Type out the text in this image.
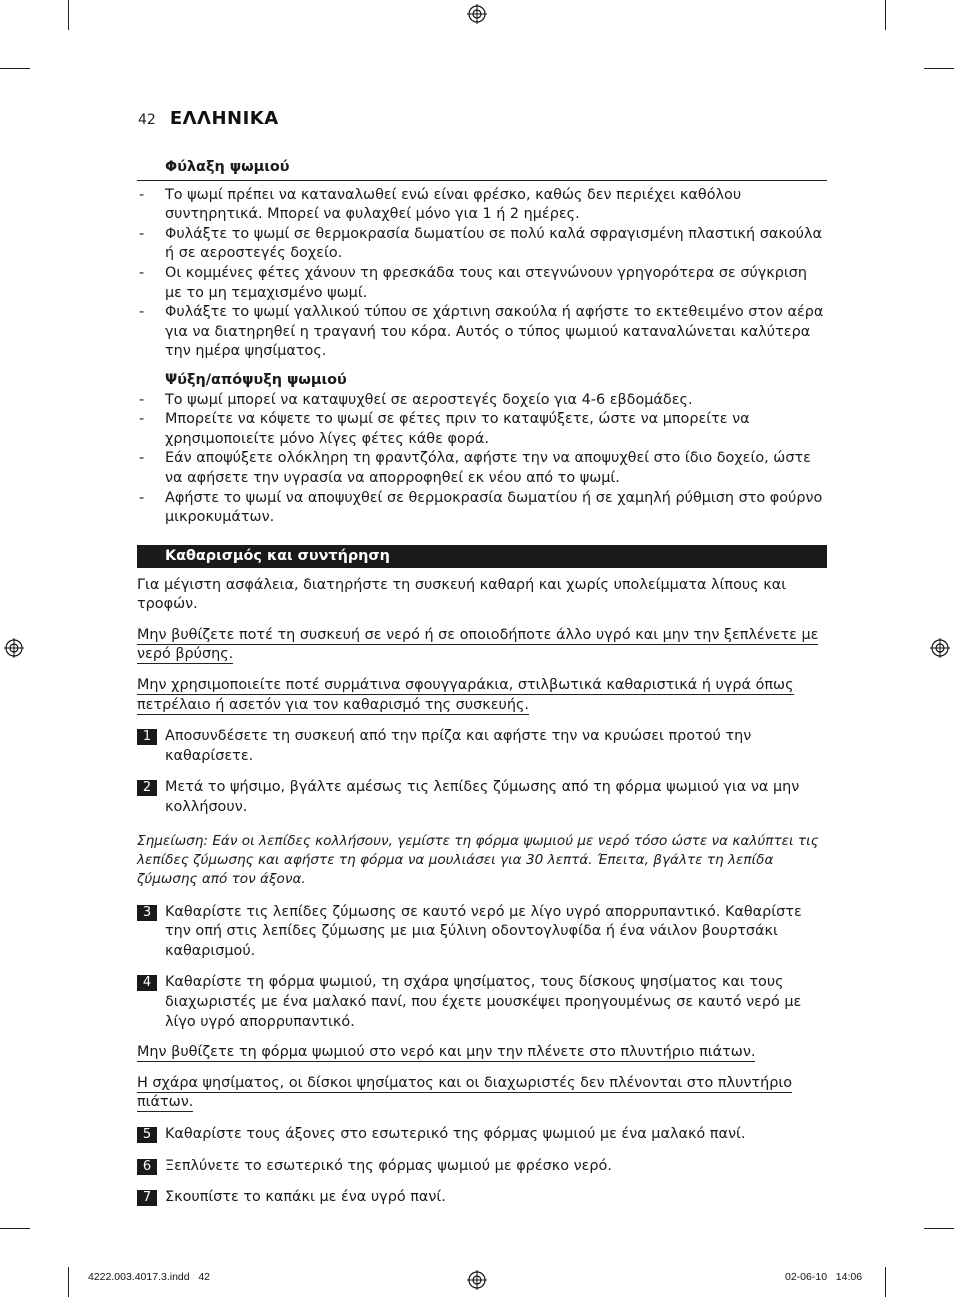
42 ΕΛΛΗΝΙΚΑ
Φύλαξη ψωμιού
- Το ψωμί πρέπει να καταναλωθεί ενώ είναι φρέσκο, καθώς δεν περιέχει καθόλου συντηρητικά. Μπορεί να φυλαχθεί μόνο για 1 ή 2 ημέρες.
- Φυλάξτε το ψωμί σε θερμοκρασία δωματίου σε πολύ καλά σφραγισμένη πλαστική σακούλα ή σε αεροστεγές δοχείο.
- Οι κομμένες φέτες χάνουν τη φρεσκάδα τους και στεγνώνουν γρηγορότερα σε σύγκριση με το μη τεμαχισμένο ψωμί.
- Φυλάξτε το ψωμί γαλλικού τύπου σε χάρτινη σακούλα ή αφήστε το εκτεθειμένο στον αέρα για να διατηρηθεί η τραγανή του κόρα. Αυτός ο τύπος ψωμιού καταναλώνεται καλύτερα την ημέρα ψησίματος.
Ψύξη/απόψυξη ψωμιού
- Το ψωμί μπορεί να καταψυχθεί σε αεροστεγές δοχείο για 4-6 εβδομάδες.
- Μπορείτε να κόψετε το ψωμί σε φέτες πριν το καταψύξετε, ώστε να μπορείτε να χρησιμοποιείτε μόνο λίγες φέτες κάθε φορά.
- Εάν αποψύξετε ολόκληρη τη φραντζόλα, αφήστε την να αποψυχθεί στο ίδιο δοχείο, ώστε να αφήσετε την υγρασία να απορροφηθεί εκ νέου από το ψωμί.
- Αφήστε το ψωμί να αποψυχθεί σε θερμοκρασία δωματίου ή σε χαμηλή ρύθμιση στο φούρνο μικροκυμάτων.
Καθαρισμός και συντήρηση
Για μέγιστη ασφάλεια, διατηρήστε τη συσκευή καθαρή και χωρίς υπολείμματα λίπους και τροφών.
Μην βυθίζετε ποτέ τη συσκευή σε νερό ή σε οποιοδήποτε άλλο υγρό και μην την ξεπλένετε με νερό βρύσης.
Μην χρησιμοποιείτε ποτέ συρμάτινα σφουγγαράκια, στιλβωτικά καθαριστικά ή υγρά όπως πετρέλαιο ή ασετόν για τον καθαρισμό της συσκευής.
1 Αποσυνδέσετε τη συσκευή από την πρίζα και αφήστε την να κρυώσει προτού την καθαρίσετε.
2 Μετά το ψήσιμο, βγάλτε αμέσως τις λεπίδες ζύμωσης από τη φόρμα ψωμιού για να μην κολλήσουν.
Σημείωση: Εάν οι λεπίδες κολλήσουν, γεμίστε τη φόρμα ψωμιού με νερό τόσο ώστε να καλύπτει τις λεπίδες ζύμωσης και αφήστε τη φόρμα να μουλιάσει για 30 λεπτά. Έπειτα, βγάλτε τη λεπίδα ζύμωσης από τον άξονα.
3 Καθαρίστε τις λεπίδες ζύμωσης σε καυτό νερό με λίγο υγρό απορρυπαντικό. Καθαρίστε την οπή στις λεπίδες ζύμωσης με μια ξύλινη οδοντογλυφίδα ή ένα νάιλον βουρτσάκι καθαρισμού.
4 Καθαρίστε τη φόρμα ψωμιού, τη σχάρα ψησίματος, τους δίσκους ψησίματος και τους διαχωριστές με ένα μαλακό πανί, που έχετε μουσκέψει προηγουμένως σε καυτό νερό με λίγο υγρό απορρυπαντικό.
Μην βυθίζετε τη φόρμα ψωμιού στο νερό και μην την πλένετε στο πλυντήριο πιάτων.
Η σχάρα ψησίματος, οι δίσκοι ψησίματος και οι διαχωριστές δεν πλένονται στο πλυντήριο πιάτων.
5 Καθαρίστε τους άξονες στο εσωτερικό της φόρμας ψωμιού με ένα μαλακό πανί.
6 Ξεπλύνετε το εσωτερικό της φόρμας ψωμιού με φρέσκο νερό.
7 Σκουπίστε το καπάκι με ένα υγρό πανί.
4222.003.4017.3.indd   42	02-06-10   14:06
